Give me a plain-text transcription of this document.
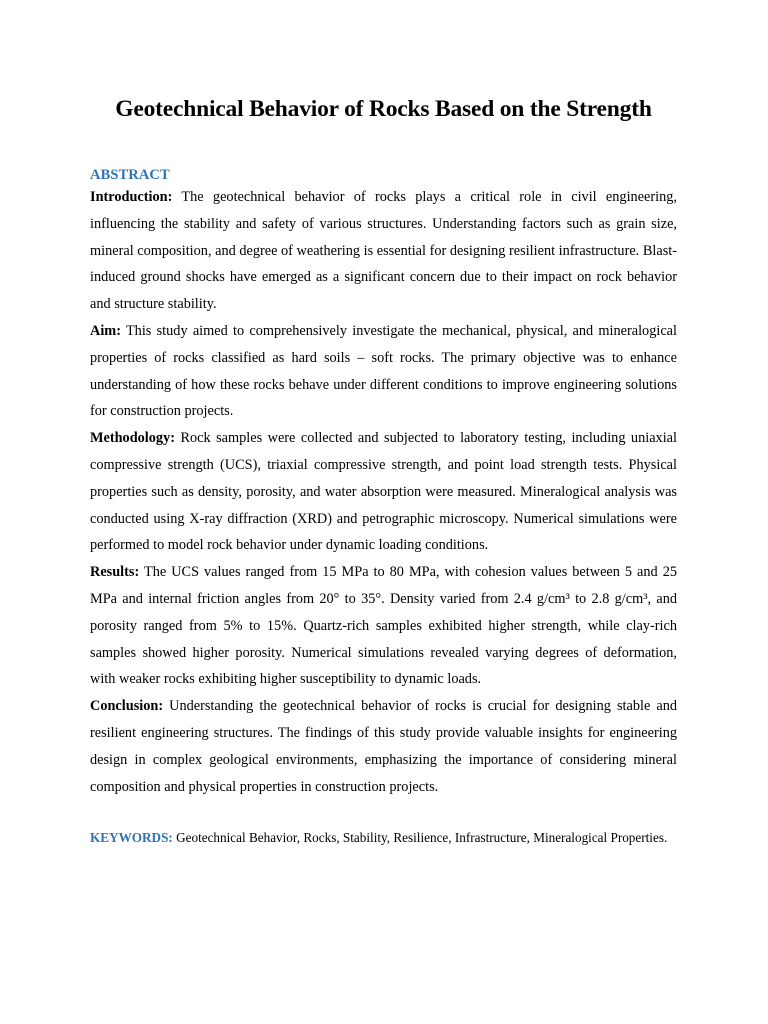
Geotechnical Behavior of Rocks Based on the Strength
ABSTRACT

Introduction: The geotechnical behavior of rocks plays a critical role in civil engineering, influencing the stability and safety of various structures. Understanding factors such as grain size, mineral composition, and degree of weathering is essential for designing resilient infrastructure. Blast-induced ground shocks have emerged as a significant concern due to their impact on rock behavior and structure stability.

Aim: This study aimed to comprehensively investigate the mechanical, physical, and mineralogical properties of rocks classified as hard soils – soft rocks. The primary objective was to enhance understanding of how these rocks behave under different conditions to improve engineering solutions for construction projects.

Methodology: Rock samples were collected and subjected to laboratory testing, including uniaxial compressive strength (UCS), triaxial compressive strength, and point load strength tests. Physical properties such as density, porosity, and water absorption were measured. Mineralogical analysis was conducted using X-ray diffraction (XRD) and petrographic microscopy. Numerical simulations were performed to model rock behavior under dynamic loading conditions.

Results: The UCS values ranged from 15 MPa to 80 MPa, with cohesion values between 5 and 25 MPa and internal friction angles from 20° to 35°. Density varied from 2.4 g/cm³ to 2.8 g/cm³, and porosity ranged from 5% to 15%. Quartz-rich samples exhibited higher strength, while clay-rich samples showed higher porosity. Numerical simulations revealed varying degrees of deformation, with weaker rocks exhibiting higher susceptibility to dynamic loads.

Conclusion: Understanding the geotechnical behavior of rocks is crucial for designing stable and resilient engineering structures. The findings of this study provide valuable insights for engineering design in complex geological environments, emphasizing the importance of considering mineral composition and physical properties in construction projects.

KEYWORDS: Geotechnical Behavior, Rocks, Stability, Resilience, Infrastructure, Mineralogical Properties.
